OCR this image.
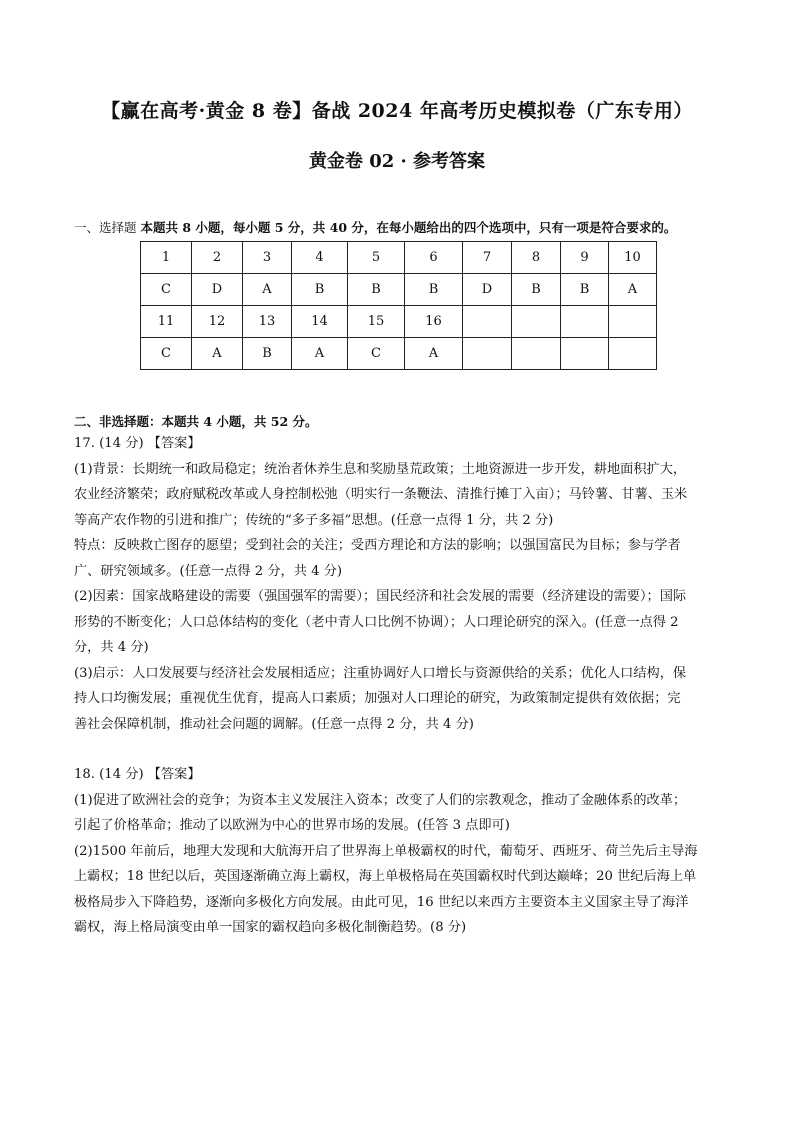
【赢在高考·黄金 8 卷】备战 2024 年高考历史模拟卷（广东专用）
黄金卷 02 · 参考答案
一、选择题 本题共 8 小题，每小题 5 分，共 40 分，在每小题给出的四个选项中，只有一项是符合要求的。
1	2	3	4	5	6	7	8	9	10
C	D	A	B	B	B	D	B	B	A
11	12	13	14	15	16				
C	A	B	A	C	A				
二、非选择题：本题共 4 小题，共 52 分。

17. (14 分) 【答案】

(1)背景：长期统一和政局稳定；统治者休养生息和奖励垦荒政策；土地资源进一步开发，耕地面积扩大，

农业经济繁荣；政府赋税改革或人身控制松弛（明实行一条鞭法、清推行摊丁入亩）；马铃薯、甘薯、玉米

等高产农作物的引进和推广；传统的“多子多福”思想。(任意一点得 1 分，共 2 分)

特点：反映救亡图存的愿望；受到社会的关注；受西方理论和方法的影响；以强国富民为目标；参与学者

广、研究领域多。(任意一点得 2 分，共 4 分)

(2)因素：国家战略建设的需要（强国强军的需要）；国民经济和社会发展的需要（经济建设的需要）；国际

形势的不断变化；人口总体结构的变化（老中青人口比例不协调）；人口理论研究的深入。(任意一点得 2

分，共 4 分)

(3)启示：人口发展要与经济社会发展相适应；注重协调好人口增长与资源供给的关系；优化人口结构，保

持人口均衡发展；重视优生优育，提高人口素质；加强对人口理论的研究，为政策制定提供有效依据；完

善社会保障机制，推动社会问题的调解。(任意一点得 2 分，共 4 分)

18. (14 分) 【答案】

(1)促进了欧洲社会的竞争；为资本主义发展注入资本；改变了人们的宗教观念，推动了金融体系的改革；

引起了价格革命；推动了以欧洲为中心的世界市场的发展。(任答 3 点即可)

(2)1500 年前后，地理大发现和大航海开启了世界海上单极霸权的时代，葡萄牙、西班牙、荷兰先后主导海

上霸权；18 世纪以后，英国逐渐确立海上霸权，海上单极格局在英国霸权时代到达巅峰；20 世纪后海上单

极格局步入下降趋势，逐渐向多极化方向发展。由此可见，16 世纪以来西方主要资本主义国家主导了海洋

霸权，海上格局演变由单一国家的霸权趋向多极化制衡趋势。(8 分)
